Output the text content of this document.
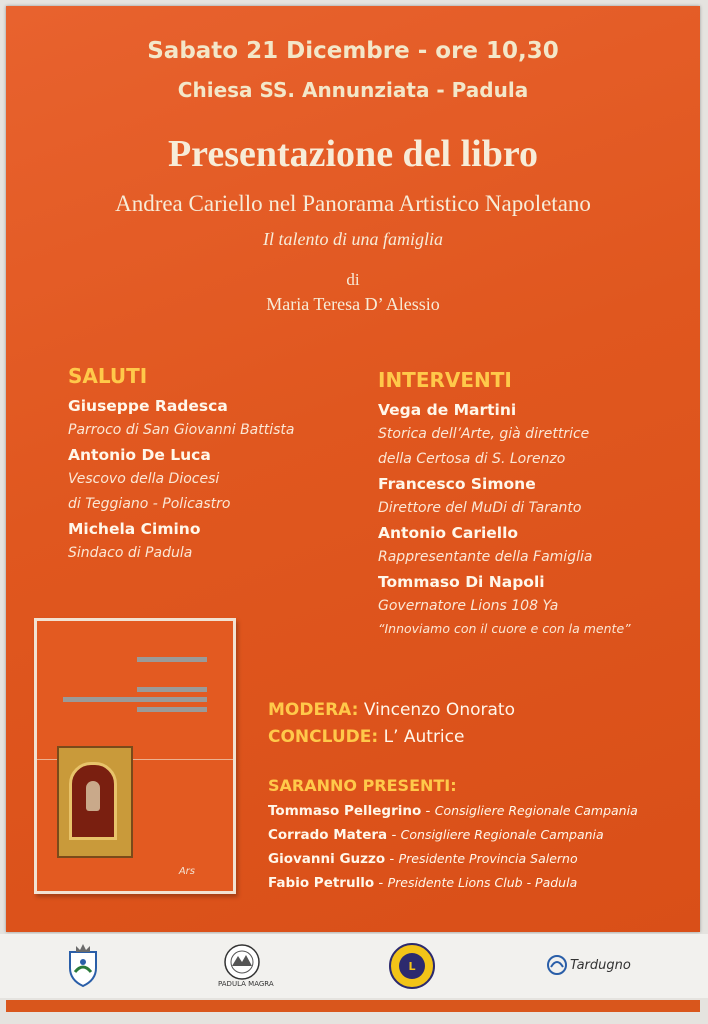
Sabato 21 Dicembre - ore 10,30
Chiesa SS. Annunziata - Padula
Presentazione del libro
Andrea Cariello nel Panorama Artistico Napoletano
Il talento di una famiglia
di
Maria Teresa D’ Alessio
SALUTI
Giuseppe Radesca
Parroco di San Giovanni Battista
Antonio De Luca
Vescovo della Diocesi
di Teggiano - Policastro
Michela Cimino
Sindaco di Padula
INTERVENTI
Vega de Martini
Storica dell’Arte, già direttrice
della Certosa di S. Lorenzo
Francesco Simone
Direttore del MuDi di Taranto
Antonio Cariello
Rappresentante della Famiglia
Tommaso Di Napoli
Governatore Lions 108 Ya
“Innoviamo con il cuore e con la mente”
Ars
MODERA: Vincenzo Onorato
CONCLUDE: L’ Autrice
SARANNO PRESENTI:
Tommaso Pellegrino - Consigliere Regionale Campania
Corrado Matera - Consigliere Regionale Campania
Giovanni Guzzo - Presidente Provincia Salerno
Fabio Petrullo - Presidente Lions Club - Padula
PADULA MAGRA
L	Tardugno
